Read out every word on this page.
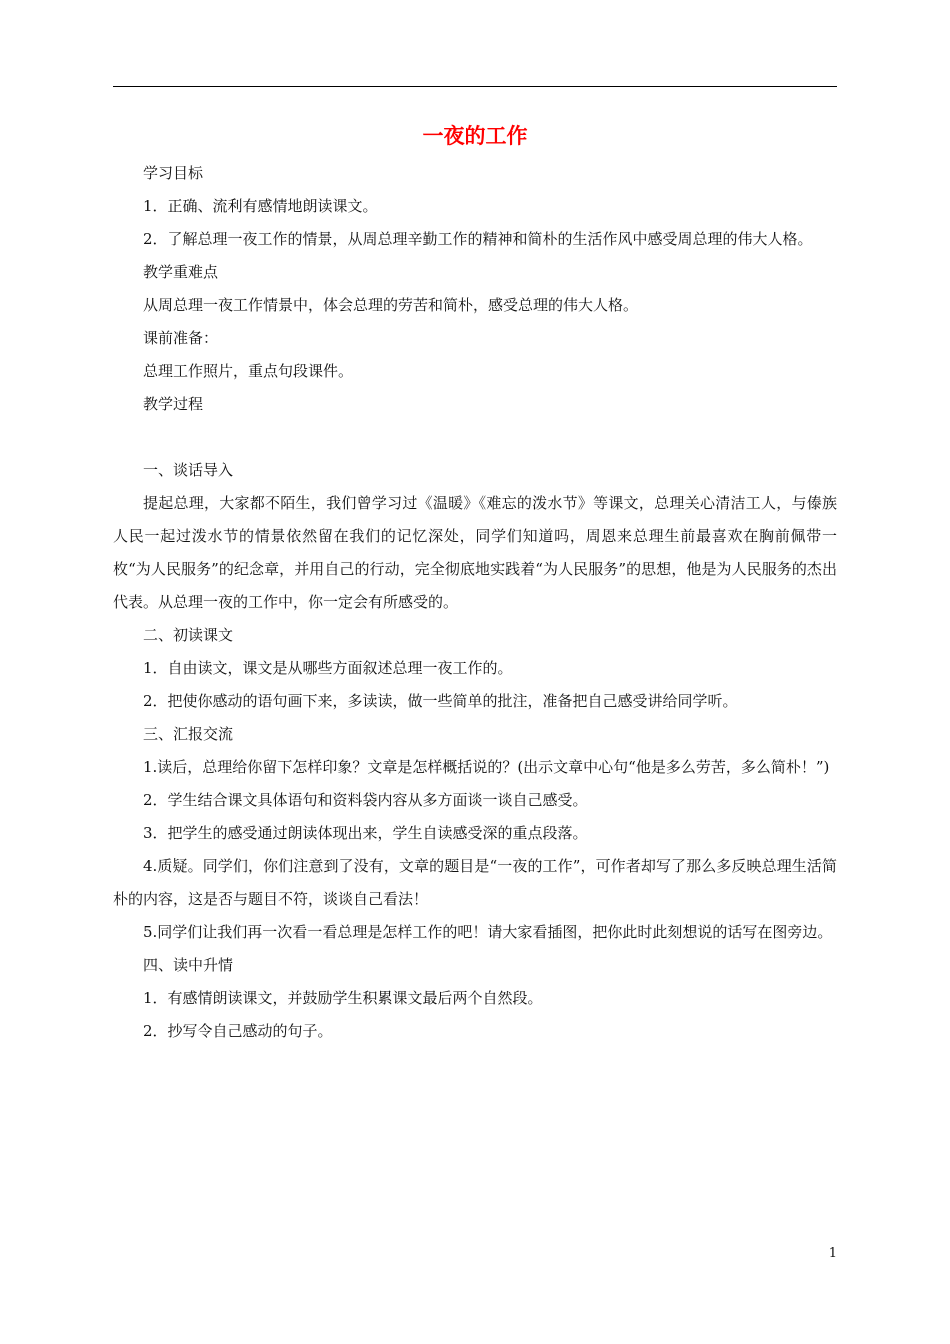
一夜的工作

学习目标

1．正确、流利有感情地朗读课文。

2．了解总理一夜工作的情景，从周总理辛勤工作的精神和简朴的生活作风中感受周总理的伟大人格。

教学重难点

从周总理一夜工作情景中，体会总理的劳苦和简朴，感受总理的伟大人格。

课前准备：

总理工作照片，重点句段课件。

教学过程

一、谈话导入

提起总理，大家都不陌生，我们曾学习过《温暖》《难忘的泼水节》等课文，总理关心清洁工人，与傣族人民一起过泼水节的情景依然留在我们的记忆深处，同学们知道吗，周恩来总理生前最喜欢在胸前佩带一枚“为人民服务”的纪念章，并用自己的行动，完全彻底地实践着“为人民服务”的思想，他是为人民服务的杰出代表。从总理一夜的工作中，你一定会有所感受的。

二、初读课文

1．自由读文，课文是从哪些方面叙述总理一夜工作的。

2．把使你感动的语句画下来，多读读，做一些简单的批注，准备把自己感受讲给同学听。

三、汇报交流

1.读后，总理给你留下怎样印象？文章是怎样概括说的？(出示文章中心句“他是多么劳苦，多么简朴！”)

2．学生结合课文具体语句和资料袋内容从多方面谈一谈自己感受。

3．把学生的感受通过朗读体现出来，学生自读感受深的重点段落。

4.质疑。同学们，你们注意到了没有，文章的题目是“一夜的工作”，可作者却写了那么多反映总理生活简朴的内容，这是否与题目不符，谈谈自己看法！

5.同学们让我们再一次看一看总理是怎样工作的吧！请大家看插图，把你此时此刻想说的话写在图旁边。

四、读中升情

1．有感情朗读课文，并鼓励学生积累课文最后两个自然段。

2．抄写令自己感动的句子。

1
